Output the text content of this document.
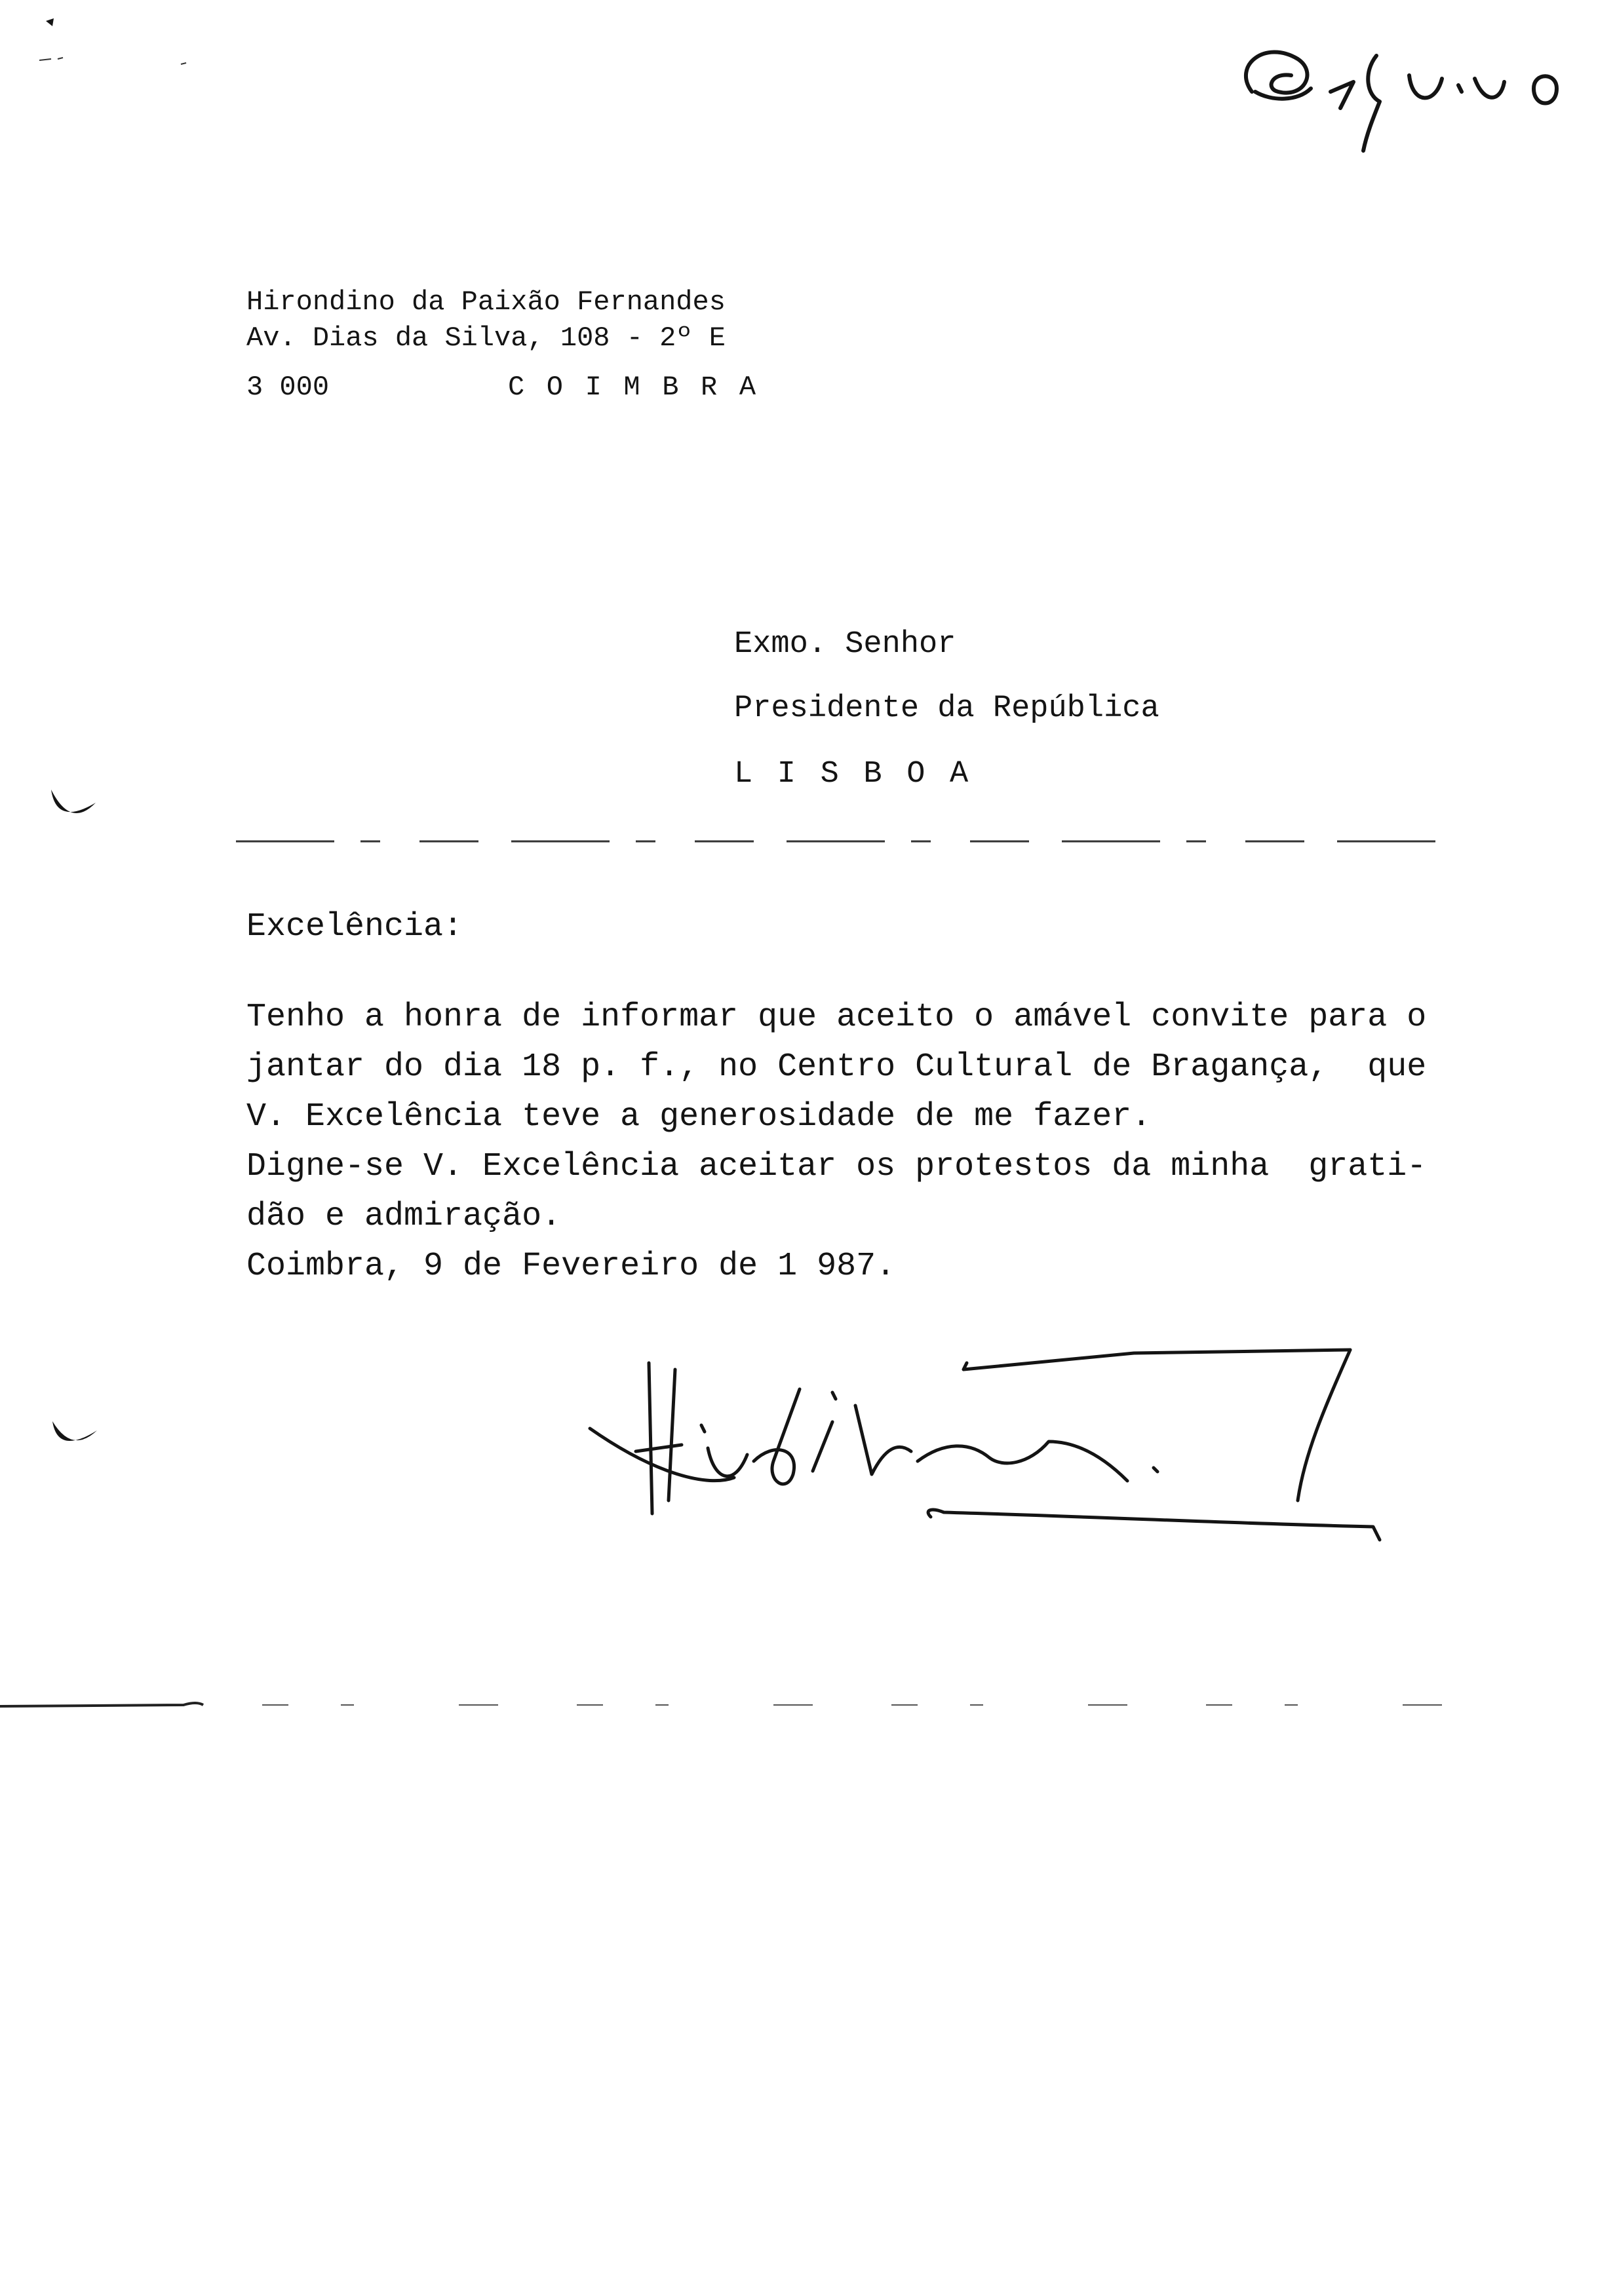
Hirondino da Paixão Fernandes

Av. Dias da Silva, 108 - 2º E

3 000	COIMBRA

Exmo. Senhor

Presidente da República

LISBOA

Excelência:

Tenho a honra de informar que aceito o amável convite para o

jantar do dia 18 p. f., no Centro Cultural de Bragança,  que

V. Excelência teve a generosidade de me fazer.

Digne-se V. Excelência aceitar os protestos da minha  grati-

dão e admiração.

Coimbra, 9 de Fevereiro de 1 987.
